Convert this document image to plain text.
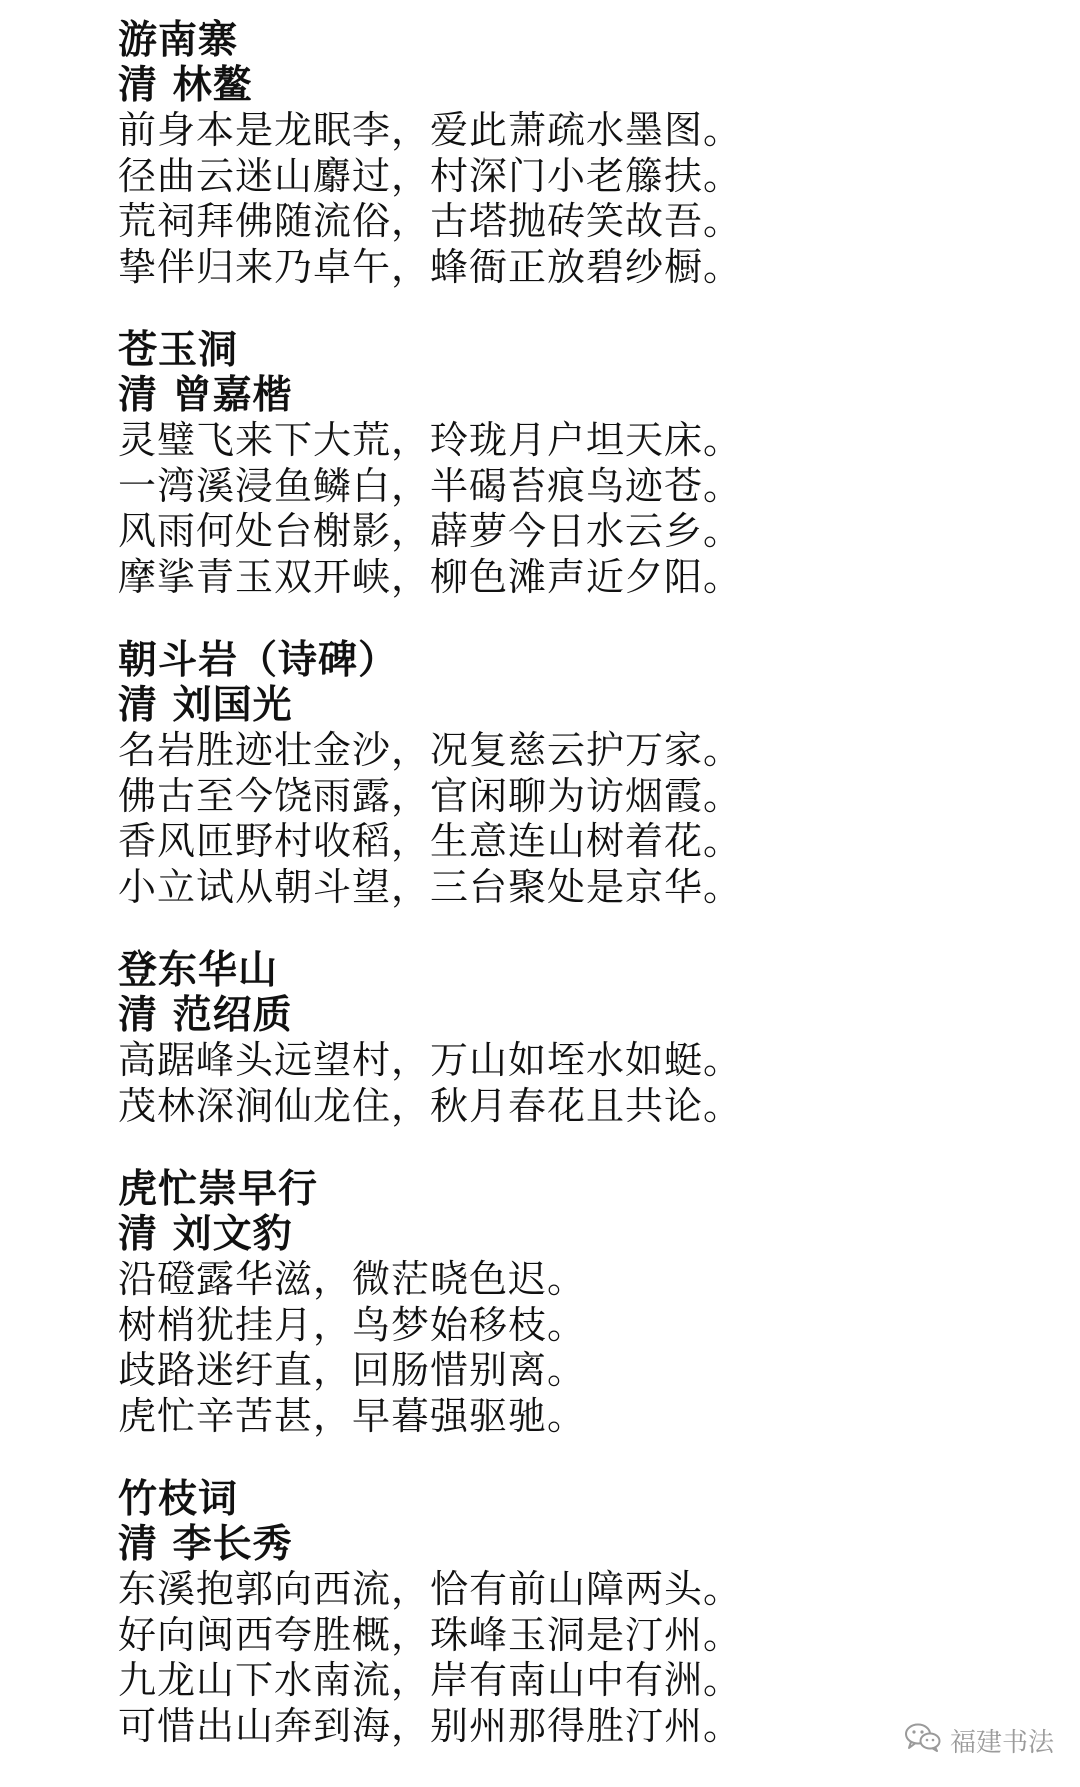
游南寨
清 林鳌
前身本是龙眠李，爱此萧疏水墨图。
径曲云迷山麝过，村深门小老籐扶。
荒祠拜佛随流俗，古塔抛砖笑故吾。
挚伴归来乃卓午，蜂衙正放碧纱橱。
苍玉洞
清 曾嘉楷
灵璧飞来下大荒，玲珑月户坦天床。
一湾溪浸鱼鳞白，半碣苔痕鸟迹苍。
风雨何处台榭影，薜萝今日水云乡。
摩挲青玉双开峡，柳色滩声近夕阳。
朝斗岩（诗碑）
清 刘国光
名岩胜迹壮金沙，况复慈云护万家。
佛古至今饶雨露，官闲聊为访烟霞。
香风匝野村收稻，生意连山树着花。
小立试从朝斗望，三台聚处是京华。
登东华山
清 范绍质
高踞峰头远望村，万山如垤水如蜓。
茂林深涧仙龙住，秋月春花且共论。
虎忙崇早行
清 刘文豹
沿磴露华滋，微茫晓色迟。
树梢犹挂月，鸟梦始移枝。
歧路迷纡直，回肠惜别离。
虎忙辛苦甚，早暮强驱驰。
竹枝词
清 李长秀
东溪抱郭向西流，恰有前山障两头。
好向闽西夸胜概，珠峰玉洞是汀州。
九龙山下水南流，岸有南山中有洲。
可惜出山奔到海，别州那得胜汀州。	福建书法
